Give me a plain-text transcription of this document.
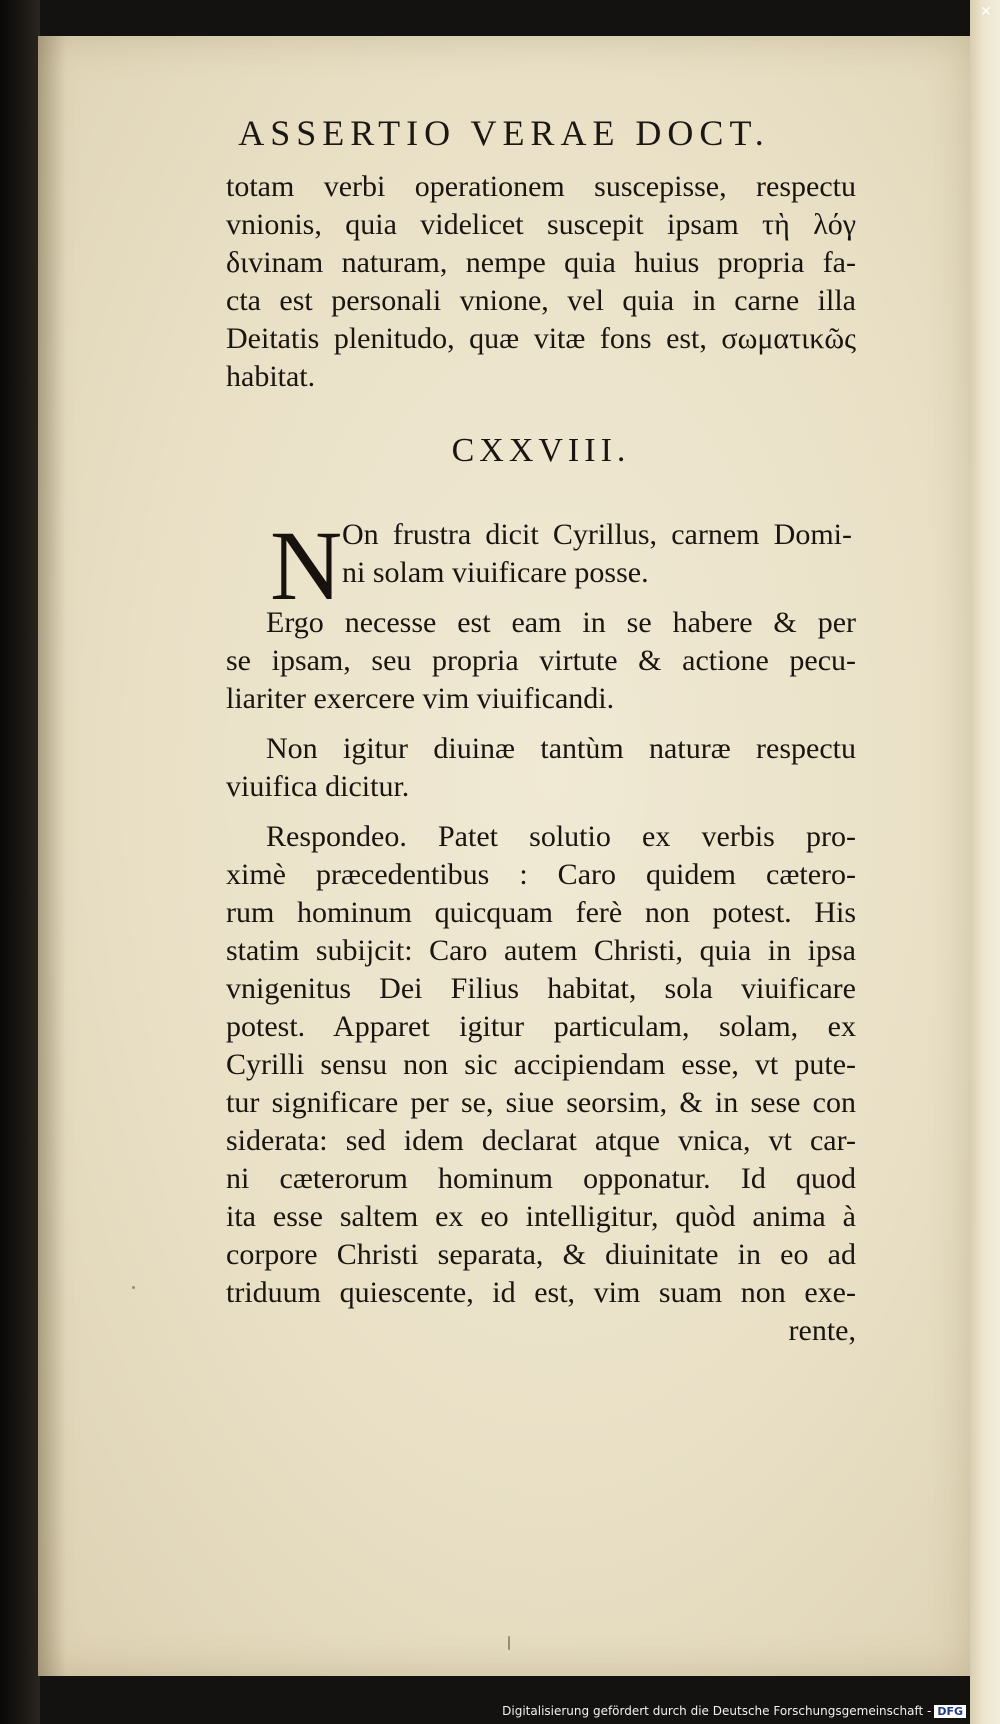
✕
ASSERTIO VERAE DOCT.
totam verbi operationem suscepisse, respectu
vnionis, quia videlicet suscepit ipsam τὴ λόγ διvinam naturam, nempe quia huius propria fa-
cta est personali vnione, vel quia in carne illa
Deitatis plenitudo, quæ vitæ fons est, σωματικῶς
habitat.
CXXVIII.
N On frustra dicit Cyrillus, carnem Domi-
ni solam viuificare posse.
Ergo necesse est eam in se habere & per
se ipsam, seu propria virtute & actione pecu-
liariter exercere vim viuificandi.
Non igitur diuinæ tantùm naturæ respectu
viuifica dicitur.
Respondeo. Patet solutio ex verbis pro-
ximè præcedentibus : Caro quidem cætero-
rum hominum quicquam ferè non potest. His
statim subijcit: Caro autem Christi, quia in ipsa
vnigenitus Dei Filius habitat, sola viuificare
potest. Apparet igitur particulam, solam, ex
Cyrilli sensu non sic accipiendam esse, vt pute-
tur significare per se, siue seorsim, & in sese con
siderata: sed idem declarat atque vnica, vt car-
ni cæterorum hominum opponatur. Id quod
ita esse saltem ex eo intelligitur, quòd anima à
corpore Christi separata, & diuinitate in eo ad
triduum quiescente, id est, vim suam non exe-
rente,
Digitalisierung gefördert durch die Deutsche Forschungsgemeinschaft - DFG
